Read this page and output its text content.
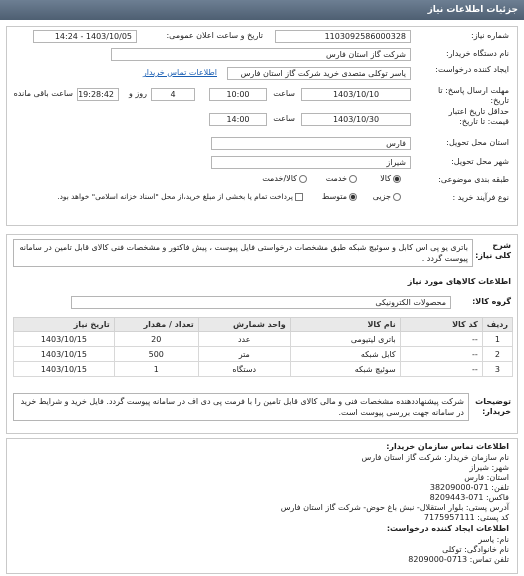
جزئیات اطلاعات نیاز
شماره نیاز:
1103092586000328
تاریخ و ساعت اعلان عمومی:
1403/10/05 - 14:24
نام دستگاه خریدار:
شرکت گاز استان فارس
ایجاد کننده درخواست:
یاسر توکلی متصدی خرید شرکت گاز استان فارس
اطلاعات تماس خریدار
مهلت ارسال پاسخ: تا تاریخ:
1403/10/10
ساعت
10:00
4
روز و
19:28:42
ساعت باقی مانده
حداقل تاریخ اعتبار قیمت: تا تاریخ:
1403/10/30
ساعت
14:00
استان محل تحویل:
فارس
شهر محل تحویل:
شیراز
طبقه بندی موضوعی:
کالا
خدمت
کالا/خدمت
نوع فرآیند خرید :
جزیی
متوسط
پرداخت تمام یا بخشی از مبلغ خرید،از محل "اسناد خزانه اسلامی" خواهد بود.
شرح کلی نیاز:
باتری یو پی اس کابل و سوئیچ شبکه طبق مشخصات درخواستی فایل پیوست ، پیش فاکتور و مشخصات فنی کالای قابل تامین در سامانه پیوست گردد .
اطلاعات کالاهای مورد نیاز
گروه کالا:
محصولات الکترونیکی
ردیف	کد کالا	نام کالا	واحد شمارش	تعداد / مقدار	تاریخ نیاز
1	--	باتری لیتیومی	عدد	20	1403/10/15
2	--	کابل شبکه	متر	500	1403/10/15
3	--	سوئیچ شبکه	دستگاه	1	1403/10/15
توضیحات خریدار:
شرکت پیشنهاددهنده مشخصات فنی و مالی کالای قابل تامین را با فرمت پی دی اف در سامانه پیوست گردد. فایل خرید و شرایط خرید در سامانه جهت بررسی پیوست است.
اطلاعات تماس سازمان خریدار:
نام سازمان خریدار: شرکت گاز استان فارس
شهر: شیراز
استان: فارس
تلفن: 071-38209000
فاکس: 071-8209443
آدرس پستی: بلوار استقلال- نبش باغ حوض- شرکت گاز استان فارس
کد پستی: 7175957111
اطلاعات ایجاد کننده درخواست:
نام: یاسر
نام خانوادگی: توکلی
تلفن تماس: 0713-8209000
